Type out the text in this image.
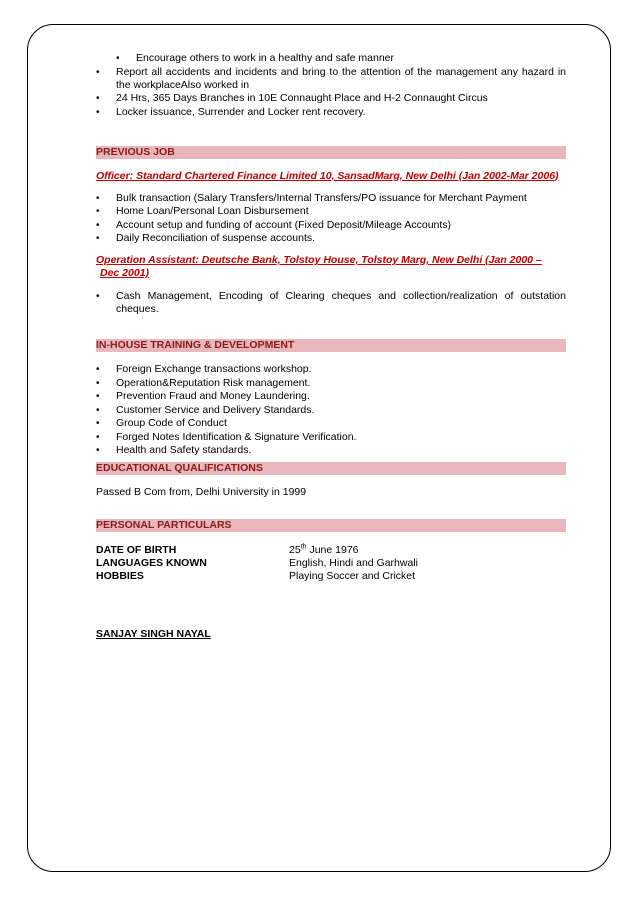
• Encourage others to work in a healthy and safe manner
• Report all accidents and incidents and bring to the attention of the management any hazard in the workplaceAlso worked in
• 24 Hrs, 365 Days Branches in 10E Connaught Place and H-2 Connaught Circus
• Locker issuance, Surrender and Locker rent recovery.
PREVIOUS JOB
Officer: Standard Chartered Finance Limited 10, SansadMarg, New Delhi (Jan 2002-Mar 2006)
• Bulk transaction (Salary Transfers/Internal Transfers/PO issuance for Merchant Payment
• Home Loan/Personal Loan Disbursement
• Account setup and funding of account (Fixed Deposit/Mileage Accounts)
• Daily Reconciliation of suspense accounts.
Operation Assistant: Deutsche Bank, Tolstoy House, Tolstoy Marg, New Delhi (Jan 2000 –
Dec 2001)
• Cash Management, Encoding of Clearing cheques and collection/realization of outstation cheques.
IN-HOUSE TRAINING & DEVELOPMENT
• Foreign Exchange transactions workshop.
• Operation&Reputation Risk management.
• Prevention Fraud and Money Laundering.
• Customer Service and Delivery Standards.
• Group Code of Conduct
• Forged Notes Identification & Signature Verification.
• Health and Safety standards.
EDUCATIONAL QUALIFICATIONS
Passed B Com from, Delhi University in 1999
PERSONAL PARTICULARS
DATE OF BIRTH	25th June 1976
LANGUAGES KNOWN	English, Hindi and Garhwali
HOBBIES	Playing Soccer and Cricket
SANJAY SINGH NAYAL
